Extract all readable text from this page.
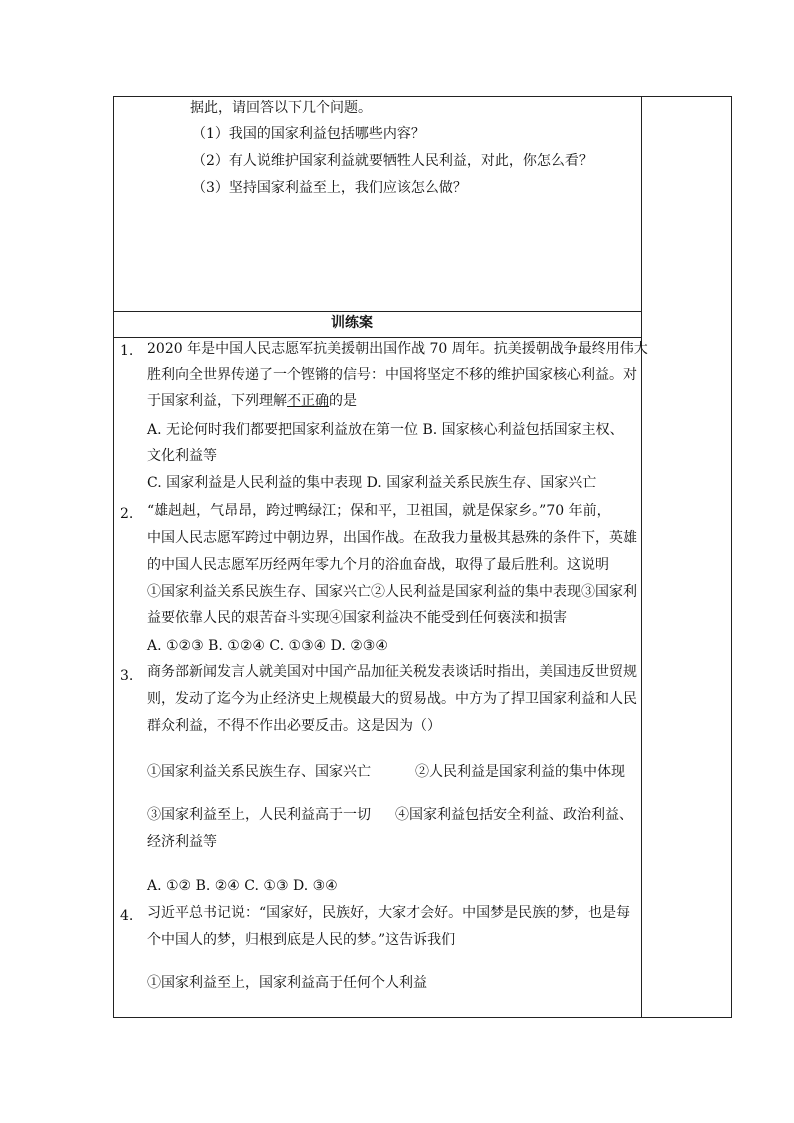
据此，请回答以下几个问题。
（1）我国的国家利益包括哪些内容？
（2）有人说维护国家利益就要牺牲人民利益，对此，你怎么看？
（3）坚持国家利益至上，我们应该怎么做？
训练案
1. 2020 年是中国人民志愿军抗美援朝出国作战 70 周年。抗美援朝战争最终用伟大
胜利向全世界传递了一个铿锵的信号：中国将坚定不移的维护国家核心利益。对
于国家利益，下列理解不正确的是
A. 无论何时我们都要把国家利益放在第一位 B. 国家核心利益包括国家主权、
文化利益等
C. 国家利益是人民利益的集中表现 D. 国家利益关系民族生存、国家兴亡
2. “雄赳赳，气昂昂，跨过鸭绿江；保和平，卫祖国，就是保家乡。”70 年前，
中国人民志愿军跨过中朝边界，出国作战。在敌我力量极其悬殊的条件下，英雄
的中国人民志愿军历经两年零九个月的浴血奋战，取得了最后胜利。这说明
①国家利益关系民族生存、国家兴亡②人民利益是国家利益的集中表现③国家利
益要依靠人民的艰苦奋斗实现④国家利益决不能受到任何亵渎和损害
A. ①②③ B. ①②④ C. ①③④ D. ②③④
3. 商务部新闻发言人就美国对中国产品加征关税发表谈话时指出，美国违反世贸规
则，发动了迄今为止经济史上规模最大的贸易战。中方为了捍卫国家利益和人民
群众利益，不得不作出必要反击。这是因为（）
①国家利益关系民族生存、国家兴亡	②人民利益是国家利益的集中体现
③国家利益至上，人民利益高于一切 ④国家利益包括安全利益、政治利益、
经济利益等
A. ①② B. ②④ C. ①③ D. ③④
4. 习近平总书记说：“国家好，民族好，大家才会好。中国梦是民族的梦，也是每
个中国人的梦，归根到底是人民的梦。”这告诉我们
①国家利益至上，国家利益高于任何个人利益
